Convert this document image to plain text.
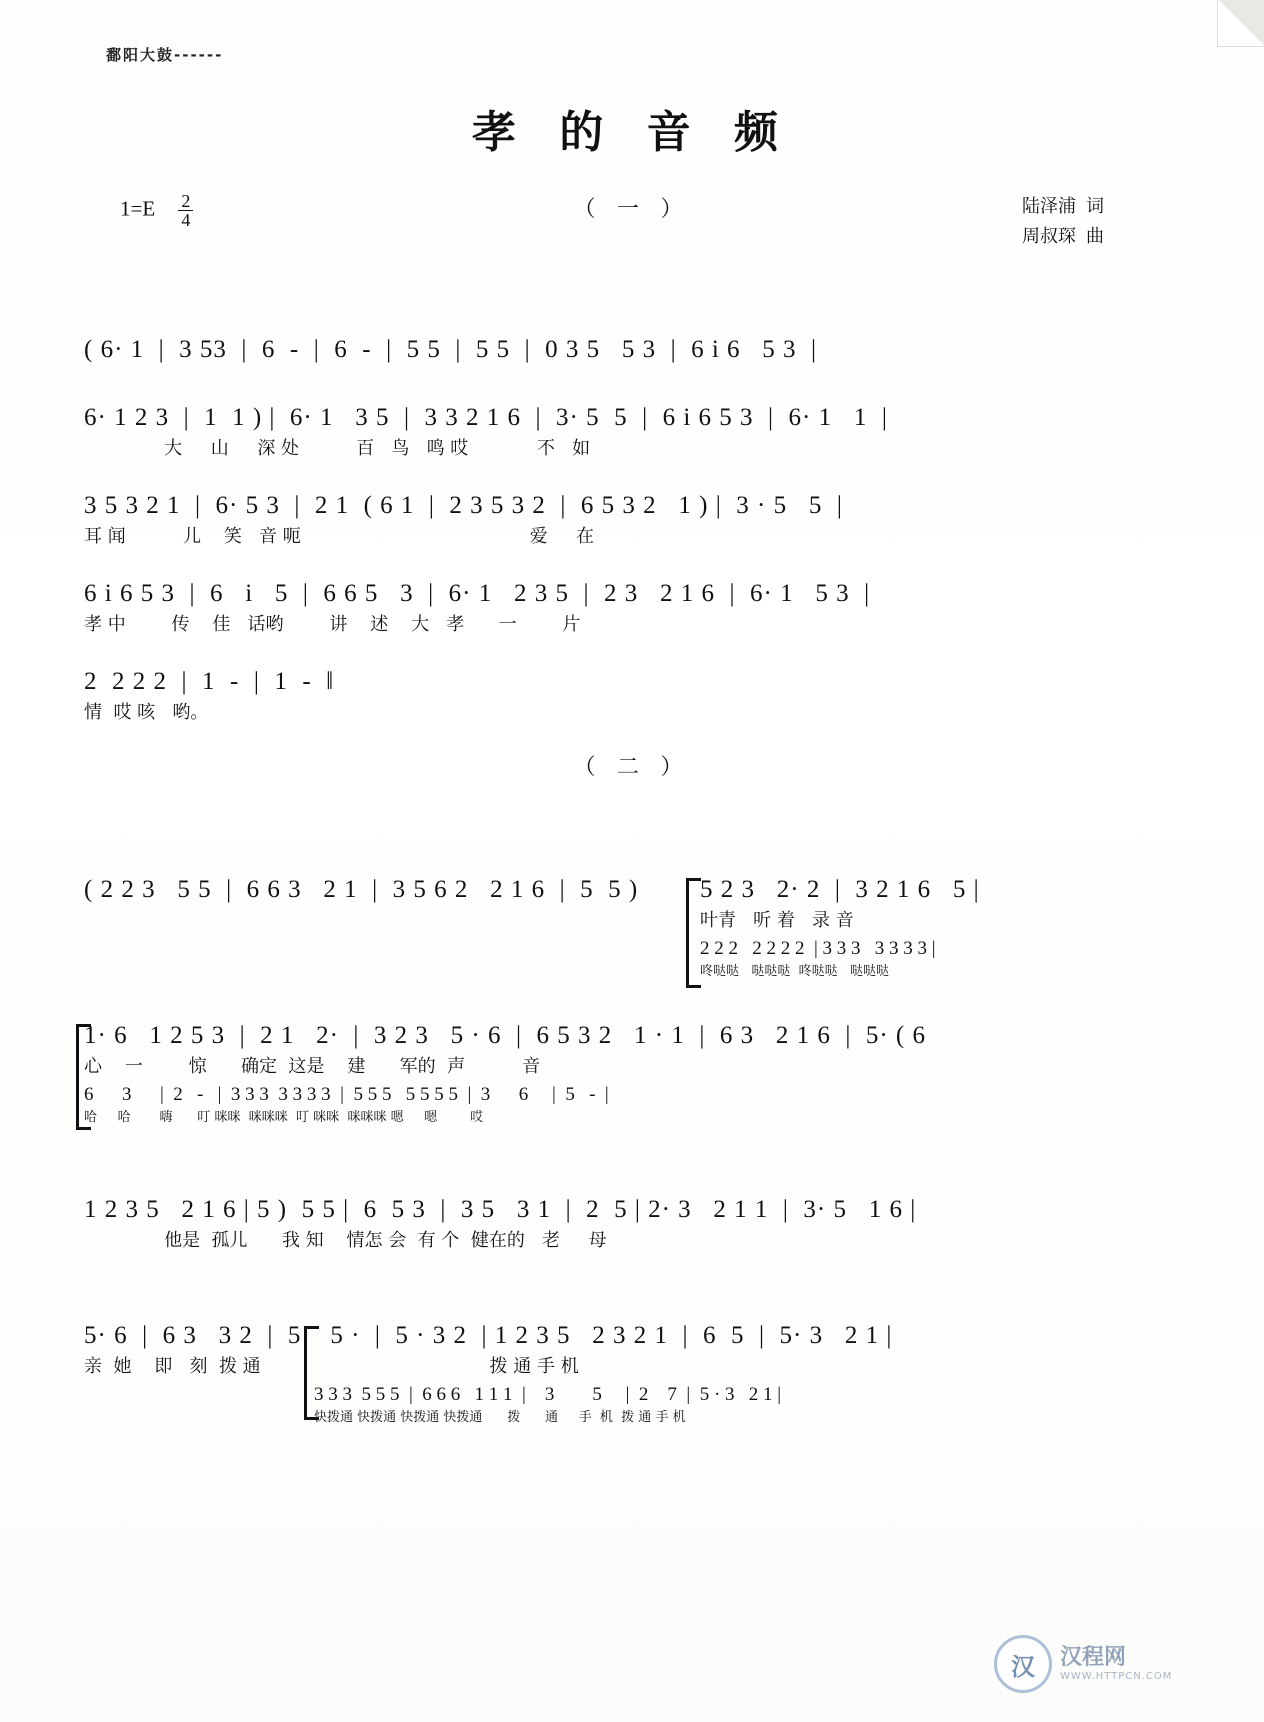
鄱阳大鼓------
孝 的 音 频
$1=E \frac{2}{4}$	（ 一 ）	陆泽浦 词
周叔琛 曲
( 6· 1  |  3 53  |  6  -  |  6  -  |  5 5  |  5 5  |  0 3 5   5 3  |  6 i 6   5 3  |
6· 1 2 3  |  1  1 ) |  6· 1   3 5  |  3 3 2 1 6  |  3· 5  5  |  6 i 6 5 3  |  6· 1   1  |
大     山     深 处          百   鸟   鸣 哎            不   如
3 5 3 2 1  |  6· 5 3  |  2 1  ( 6 1  |  2 3 5 3 2  |  6 5 3 2   1 ) |  3 · 5   5  |
耳 闻          儿    笑   音 呃                                        爱     在
6 i 6 5 3  |  6   i   5  |  6 6 5   3  |  6· 1   2 3 5  |  2 3   2 1 6  |  6· 1   5 3  |
孝 中        传    佳   话哟        讲    述    大   孝      一        片
2  2 2 2  |  1  -  |  1  -  ‖
情  哎 咳   哟。
（ 二 ）
( 2 2 3   5 5  |  6 6 3   2 1  |  3 5 6 2   2 1 6  |  5  5 )	5 2 3   2· 2  |  3 2 1 6   5 |
叶青   听 着   录 音
2 2 2   2 2 2 2  | 3 3 3   3 3 3 3 |
咚哒哒   哒哒哒  咚哒哒   哒哒哒
1· 6   1 2 5 3  |  2 1   2·  |  3 2 3   5 · 6  |  6 5 3 2   1 · 1  |  6 3   2 1 6  |  5· ( 6
心    一        惊      确定  这是    建      军的  声          音
6      3      |  2   -   |  3 3 3  3 3 3 3  |  5 5 5   5 5 5 5  |  3      6     |  5   -  |
哈     哈       嗨      叮 咪咪  咪咪咪  叮 咪咪  咪咪咪 嗯     嗯        哎
1 2 3 5   2 1 6 | 5 )  5 5 |  6  5 3  |  3 5   3 1  |  2  5 | 2· 3   2 1 1  |  3· 5   1 6 |
他是  孤儿      我 知    情怎 会  有 个  健在的   老     母
5· 6  |  6 3   3 2  |  5    5 ·  |  5 · 3 2  | 1 2 3 5   2 3 2 1  |  6  5  |  5· 3   2 1 |
亲  她    即   刻  拨 通                                        拨 通 手 机
3 3 3  5 5 5  |  6 6 6   1 1 1  |    3        5     |  2    7  |  5 · 3   2 1 |
快拨通 快拨通 快拨通 快拨通      拨      通     手  机  拨 通 手 机
汉	汉程网
WWW.HTTPCN.COM
